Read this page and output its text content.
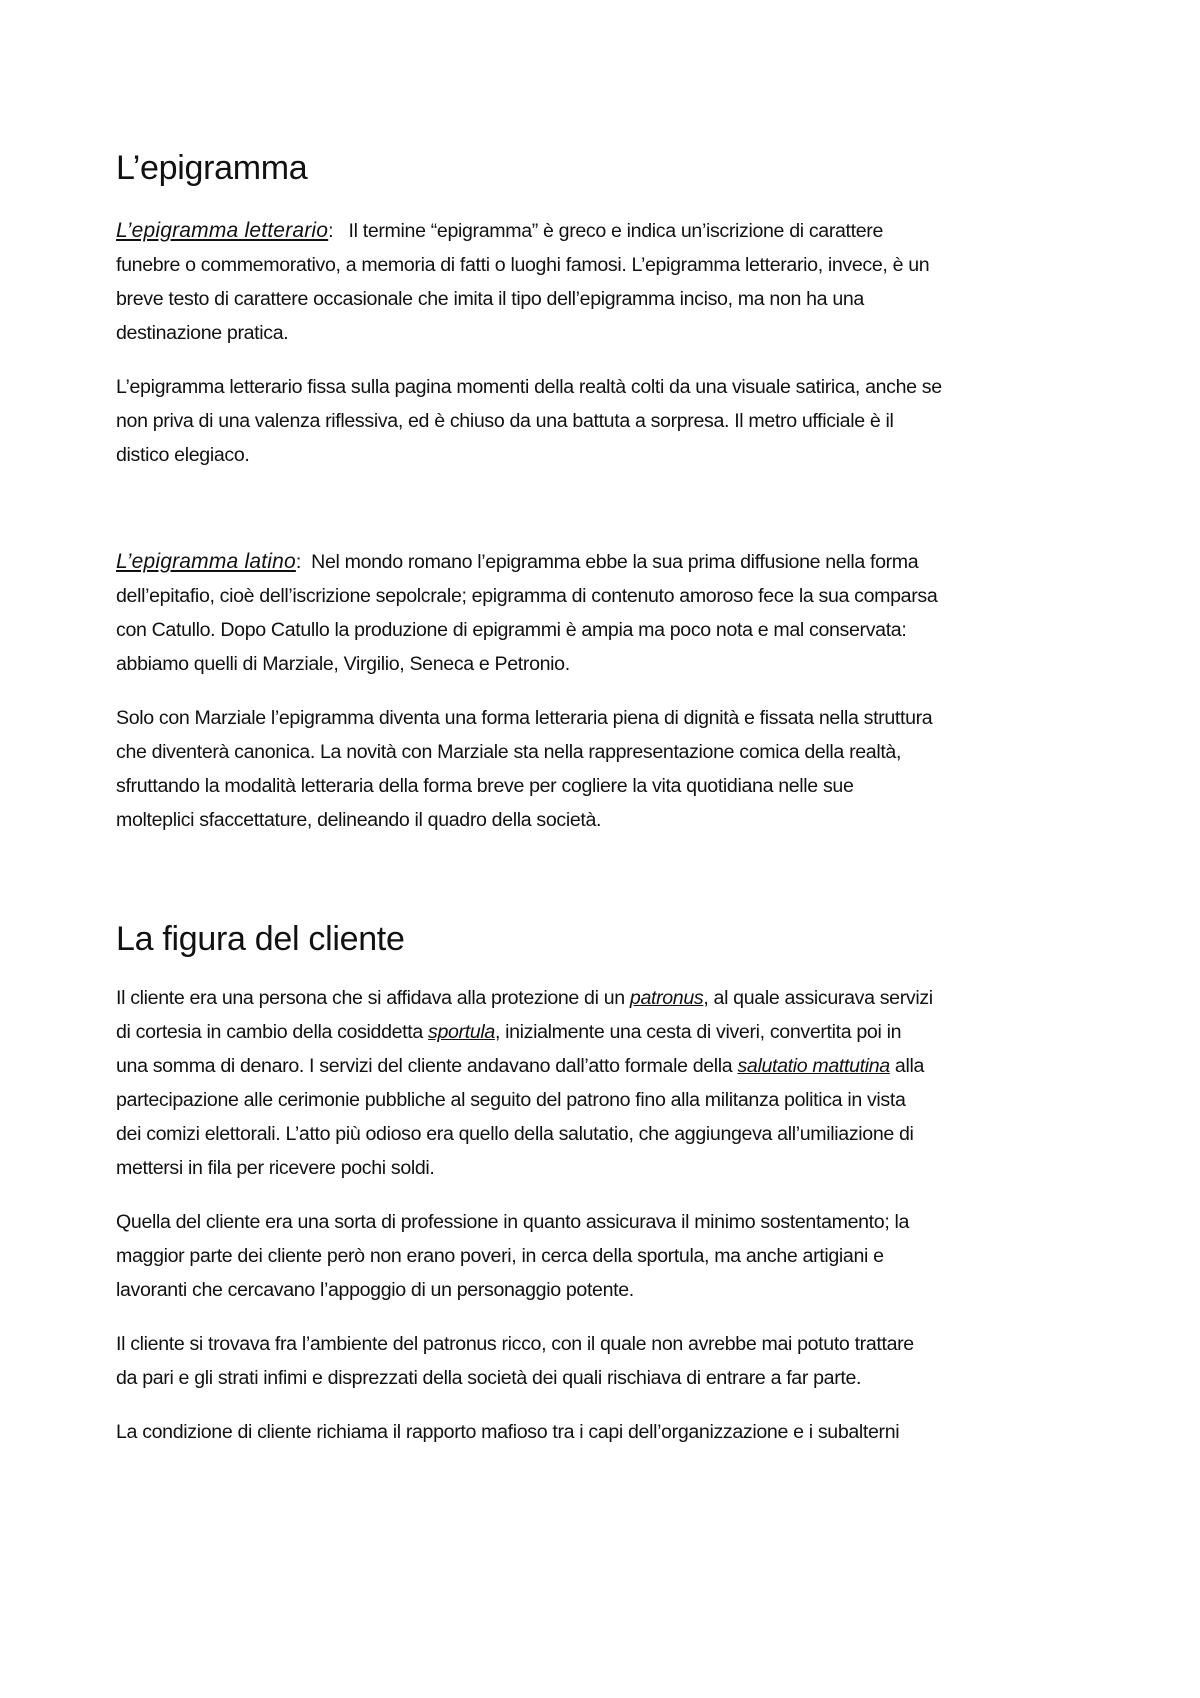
L’epigramma

L’epigramma letterario:   Il termine “epigramma” è greco e indica un’iscrizione di carattere
funebre o commemorativo, a memoria di fatti o luoghi famosi. L’epigramma letterario, invece, è un
breve testo di carattere occasionale che imita il tipo dell’epigramma inciso, ma non ha una
destinazione pratica.

L’epigramma letterario fissa sulla pagina momenti della realtà colti da una visuale satirica, anche se
non priva di una valenza riflessiva, ed è chiuso da una battuta a sorpresa. Il metro ufficiale è il
distico elegiaco.

L’epigramma latino:  Nel mondo romano l’epigramma ebbe la sua prima diffusione nella forma
dell’epitafio, cioè dell’iscrizione sepolcrale; epigramma di contenuto amoroso fece la sua comparsa
con Catullo. Dopo Catullo la produzione di epigrammi è ampia ma poco nota e mal conservata:
abbiamo quelli di Marziale, Virgilio, Seneca e Petronio.

Solo con Marziale l’epigramma diventa una forma letteraria piena di dignità e fissata nella struttura
che diventerà canonica. La novità con Marziale sta nella rappresentazione comica della realtà,
sfruttando la modalità letteraria della forma breve per cogliere la vita quotidiana nelle sue
molteplici sfaccettature, delineando il quadro della società.

La figura del cliente

Il cliente era una persona che si affidava alla protezione di un patronus, al quale assicurava servizi
di cortesia in cambio della cosiddetta sportula, inizialmente una cesta di viveri, convertita poi in
una somma di denaro. I servizi del cliente andavano dall’atto formale della salutatio mattutina alla
partecipazione alle cerimonie pubbliche al seguito del patrono fino alla militanza politica in vista
dei comizi elettorali. L’atto più odioso era quello della salutatio, che aggiungeva all’umiliazione di
mettersi in fila per ricevere pochi soldi.

Quella del cliente era una sorta di professione in quanto assicurava il minimo sostentamento; la
maggior parte dei cliente però non erano poveri, in cerca della sportula, ma anche artigiani e
lavoranti che cercavano l’appoggio di un personaggio potente.

Il cliente si trovava fra l’ambiente del patronus ricco, con il quale non avrebbe mai potuto trattare
da pari e gli strati infimi e disprezzati della società dei quali rischiava di entrare a far parte.

La condizione di cliente richiama il rapporto mafioso tra i capi dell’organizzazione e i subalterni
